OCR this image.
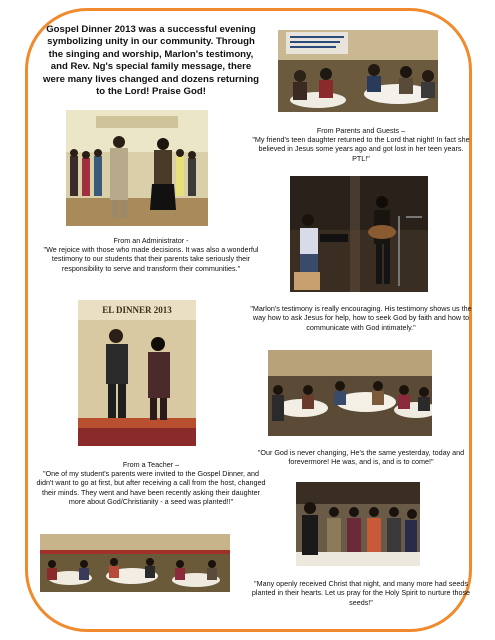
Gospel Dinner 2013 was a successful evening symbolizing unity in our community. Through the singing and worship, Marlon's testimony, and Rev. Ng's special family message, there were many lives changed and dozens returning to the Lord! Praise God!
From Parents and Guests –
"My friend's teen daughter returned to the Lord that night! In fact she believed in Jesus some years ago and got lost in her teen years. PTL!"
From an Administrator -
"We rejoice with those who made decisions. It was also a wonderful testimony to our students that their parents take seriously their responsibility to serve and transform their communities."
EL DINNER 2013	"Marlon's testimony is really encouraging. His testimony shows us the way how to ask Jesus for help, how to seek God by faith and how to communicate with God intimately."
"Our God is never changing, He's the same yesterday, today and forevermore! He was, and is, and is to come!"
From a Teacher –
"One of my student's parents were invited to the Gospel Dinner, and didn't want to go at first, but after receiving a call from the host, changed their minds. They went and have been recently asking their daughter more about God/Christianity - a seed was planted!!"
"Many openly received Christ that night, and many more had seeds planted in their hearts. Let us pray for the Holy Spirit to nurture those seeds!"
